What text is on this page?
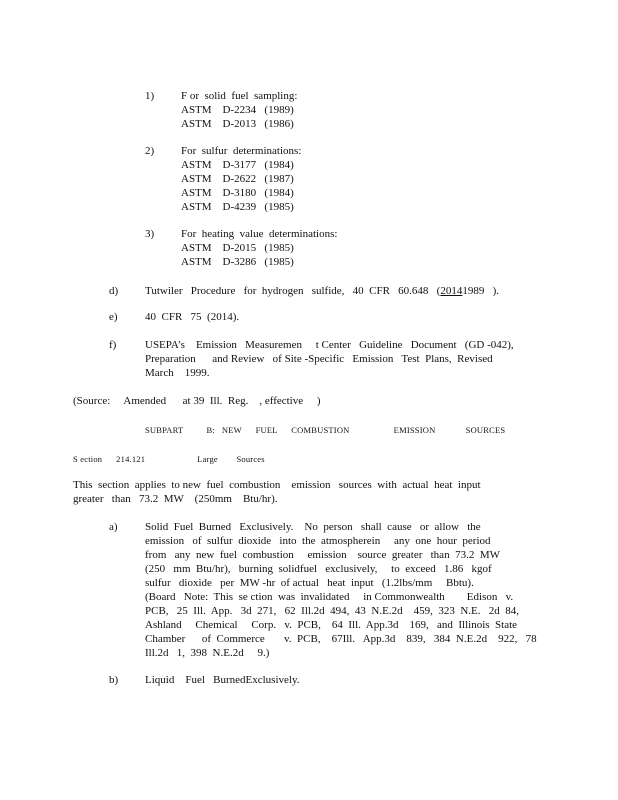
1) F or  solid  fuel  sampling:
ASTM    D-2234   (1989)
ASTM    D-2013   (1986)
2) For  sulfur  determinations:
ASTM    D-3177   (1984)
ASTM    D-2622   (1987)
ASTM    D-3180   (1984)
ASTM    D-4239   (1985)
3) For  heating  value  determinations:
ASTM    D-2015   (1985)
ASTM    D-3286   (1985)
d) Tutwiler   Procedure   for  hydrogen   sulfide,   40  CFR   60.648   (20141989   ).
e) 40  CFR   75  (2014).
f)	USEPA’s    Emission   Measuremen     t Center   Guideline   Document   (GD -042),
Preparation      and Review   of Site -Specific   Emission   Test  Plans,  Revised
March    1999.
(Source:     Amended      at 39  Ill.  Reg.    , effective     )
SUBPART          B:   NEW      FUEL      COMBUSTION                   EMISSION             SOURCES
S ection      214.121	Large        Sources
This  section  applies  to new  fuel  combustion    emission   sources  with  actual  heat  input
greater   than   73.2  MW    (250mm    Btu/hr).
a) Solid  Fuel  Burned   Exclusively.    No  person   shall  cause   or  allow   the
emission   of  sulfur  dioxide   into  the  atmospherein     any  one  hour  period
from   any  new  fuel  combustion     emission    source  greater   than  73.2  MW
(250   mm  Btu/hr),   burning  solidfuel   exclusively,     to  exceed   1.86   kgof
sulfur   dioxide   per  MW -hr  of actual   heat  input   (1.2lbs/mm     Bbtu).
(Board   Note:  This  se ction  was  invalidated     in Commonwealth        Edison   v.
PCB,   25  Ill.  App.   3d  271,   62  Ill.2d  494,  43  N.E.2d    459,  323  N.E.   2d  84,
Ashland     Chemical     Corp.   v.  PCB,    64  Ill.  App.3d    169,   and  Illinois  State
Chamber      of  Commerce       v.  PCB,    67Ill.   App.3d    839,   384  N.E.2d    922,   78
Ill.2d   1,  398  N.E.2d     9.)
b) Liquid    Fuel   BurnedExclusively.
